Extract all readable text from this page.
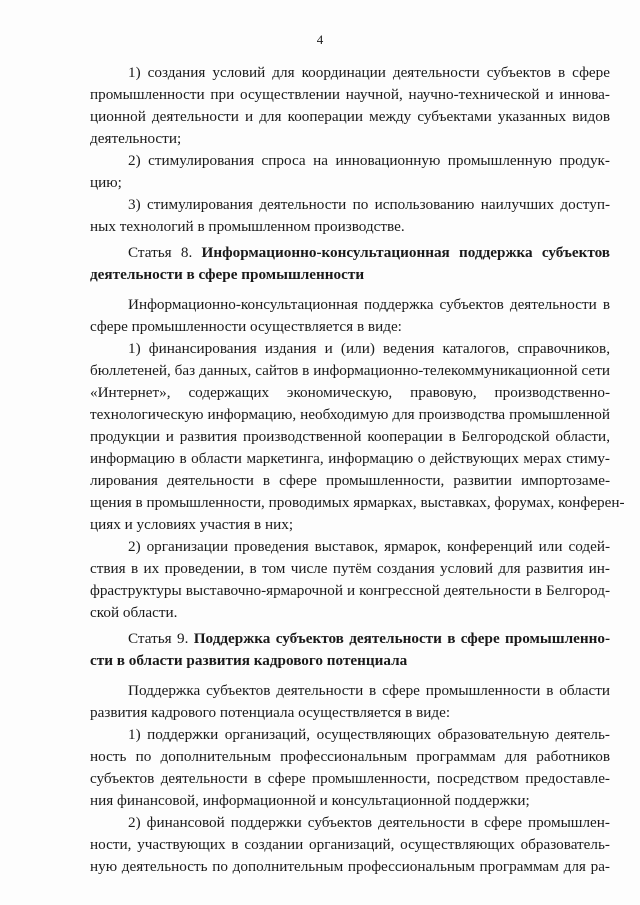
4
Статья 8. Информационно-консультационная поддержка субъектов
деятельности в сфере промышленности
Статья 9. Поддержка субъектов деятельности в сфере промышленно-
сти в области развития кадрового потенциала
1) создания условий для координации деятельности субъектов в сфере
промышленности при осуществлении научной, научно-технической и иннова-
ционной деятельности и для кооперации между субъектами указанных видов
деятельности;
2) стимулирования спроса на инновационную промышленную продук-
цию;
3) стимулирования деятельности по использованию наилучших доступ-
ных технологий в промышленном производстве.
Информационно-консультационная поддержка субъектов деятельности в
сфере промышленности осуществляется в виде:
1) финансирования издания и (или) ведения каталогов, справочников,
бюллетеней, баз данных, сайтов в информационно-телекоммуникационной сети
«Интернет», содержащих экономическую, правовую, производственно-
технологическую информацию, необходимую для производства промышленной
продукции и развития производственной кооперации в Белгородской области,
информацию в области маркетинга, информацию о действующих мерах стиму-
лирования деятельности в сфере промышленности, развитии импортозаме-
щения в промышленности, проводимых ярмарках, выставках, форумах, конферен-
циях и условиях участия в них;
2) организации проведения выставок, ярмарок, конференций или содей-
ствия в их проведении, в том числе путём создания условий для развития ин-
фраструктуры выставочно-ярмарочной и конгрессной деятельности в Белгород-
ской области.
Поддержка субъектов деятельности в сфере промышленности в области
развития кадрового потенциала осуществляется в виде:
1) поддержки организаций, осуществляющих образовательную деятель-
ность по дополнительным профессиональным программам для работников
субъектов деятельности в сфере промышленности, посредством предоставле-
ния финансовой, информационной и консультационной поддержки;
2) финансовой поддержки субъектов деятельности в сфере промышлен-
ности, участвующих в создании организаций, осуществляющих образователь-
ную деятельность по дополнительным профессиональным программам для ра-
